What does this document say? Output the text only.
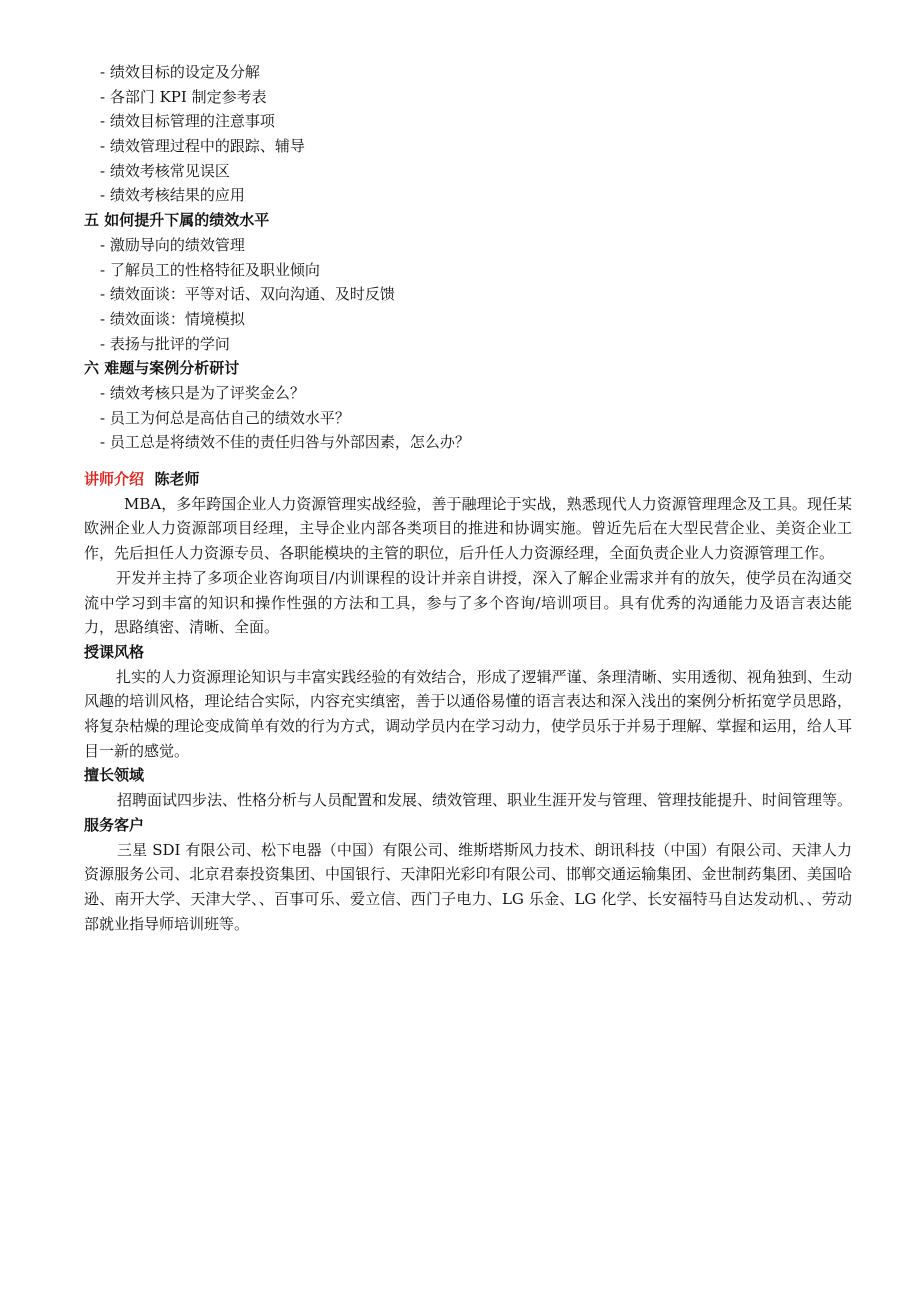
- 绩效目标的设定及分解
- 各部门 KPI 制定参考表
- 绩效目标管理的注意事项
- 绩效管理过程中的跟踪、辅导
- 绩效考核常见误区
- 绩效考核结果的应用
五 如何提升下属的绩效水平
- 激励导向的绩效管理
- 了解员工的性格特征及职业倾向
- 绩效面谈：平等对话、双向沟通、及时反馈
- 绩效面谈：情境模拟
- 表扬与批评的学问
六 难题与案例分析研讨
- 绩效考核只是为了评奖金么？
- 员工为何总是高估自己的绩效水平？
- 员工总是将绩效不佳的责任归咎与外部因素，怎么办？
讲师介绍 陈老师
MBA，多年跨国企业人力资源管理实战经验，善于融理论于实战，熟悉现代人力资源管理理念及工具。现任某欧洲企业人力资源部项目经理，主导企业内部各类项目的推进和协调实施。曾近先后在大型民营企业、美资企业工作，先后担任人力资源专员、各职能模块的主管的职位，后升任人力资源经理，全面负责企业人力资源管理工作。
开发并主持了多项企业咨询项目/内训课程的设计并亲自讲授，深入了解企业需求并有的放矢，使学员在沟通交流中学习到丰富的知识和操作性强的方法和工具，参与了多个咨询/培训项目。具有优秀的沟通能力及语言表达能力，思路缜密、清晰、全面。
授课风格
扎实的人力资源理论知识与丰富实践经验的有效结合，形成了逻辑严谨、条理清晰、实用透彻、视角独到、生动风趣的培训风格，理论结合实际，内容充实缜密，善于以通俗易懂的语言表达和深入浅出的案例分析拓宽学员思路，将复杂枯燥的理论变成简单有效的行为方式，调动学员内在学习动力，使学员乐于并易于理解、掌握和运用，给人耳目一新的感觉。
擅长领域
招聘面试四步法、性格分析与人员配置和发展、绩效管理、职业生涯开发与管理、管理技能提升、时间管理等。
服务客户
三星 SDI 有限公司、松下电器（中国）有限公司、维斯塔斯风力技术、朗讯科技（中国）有限公司、天津人力资源服务公司、北京君泰投资集团、中国银行、天津阳光彩印有限公司、邯郸交通运输集团、金世制药集团、美国哈逊、南开大学、天津大学、、百事可乐、爱立信、西门子电力、LG 乐金、LG 化学、长安福特马自达发动机、、劳动部就业指导师培训班等。
